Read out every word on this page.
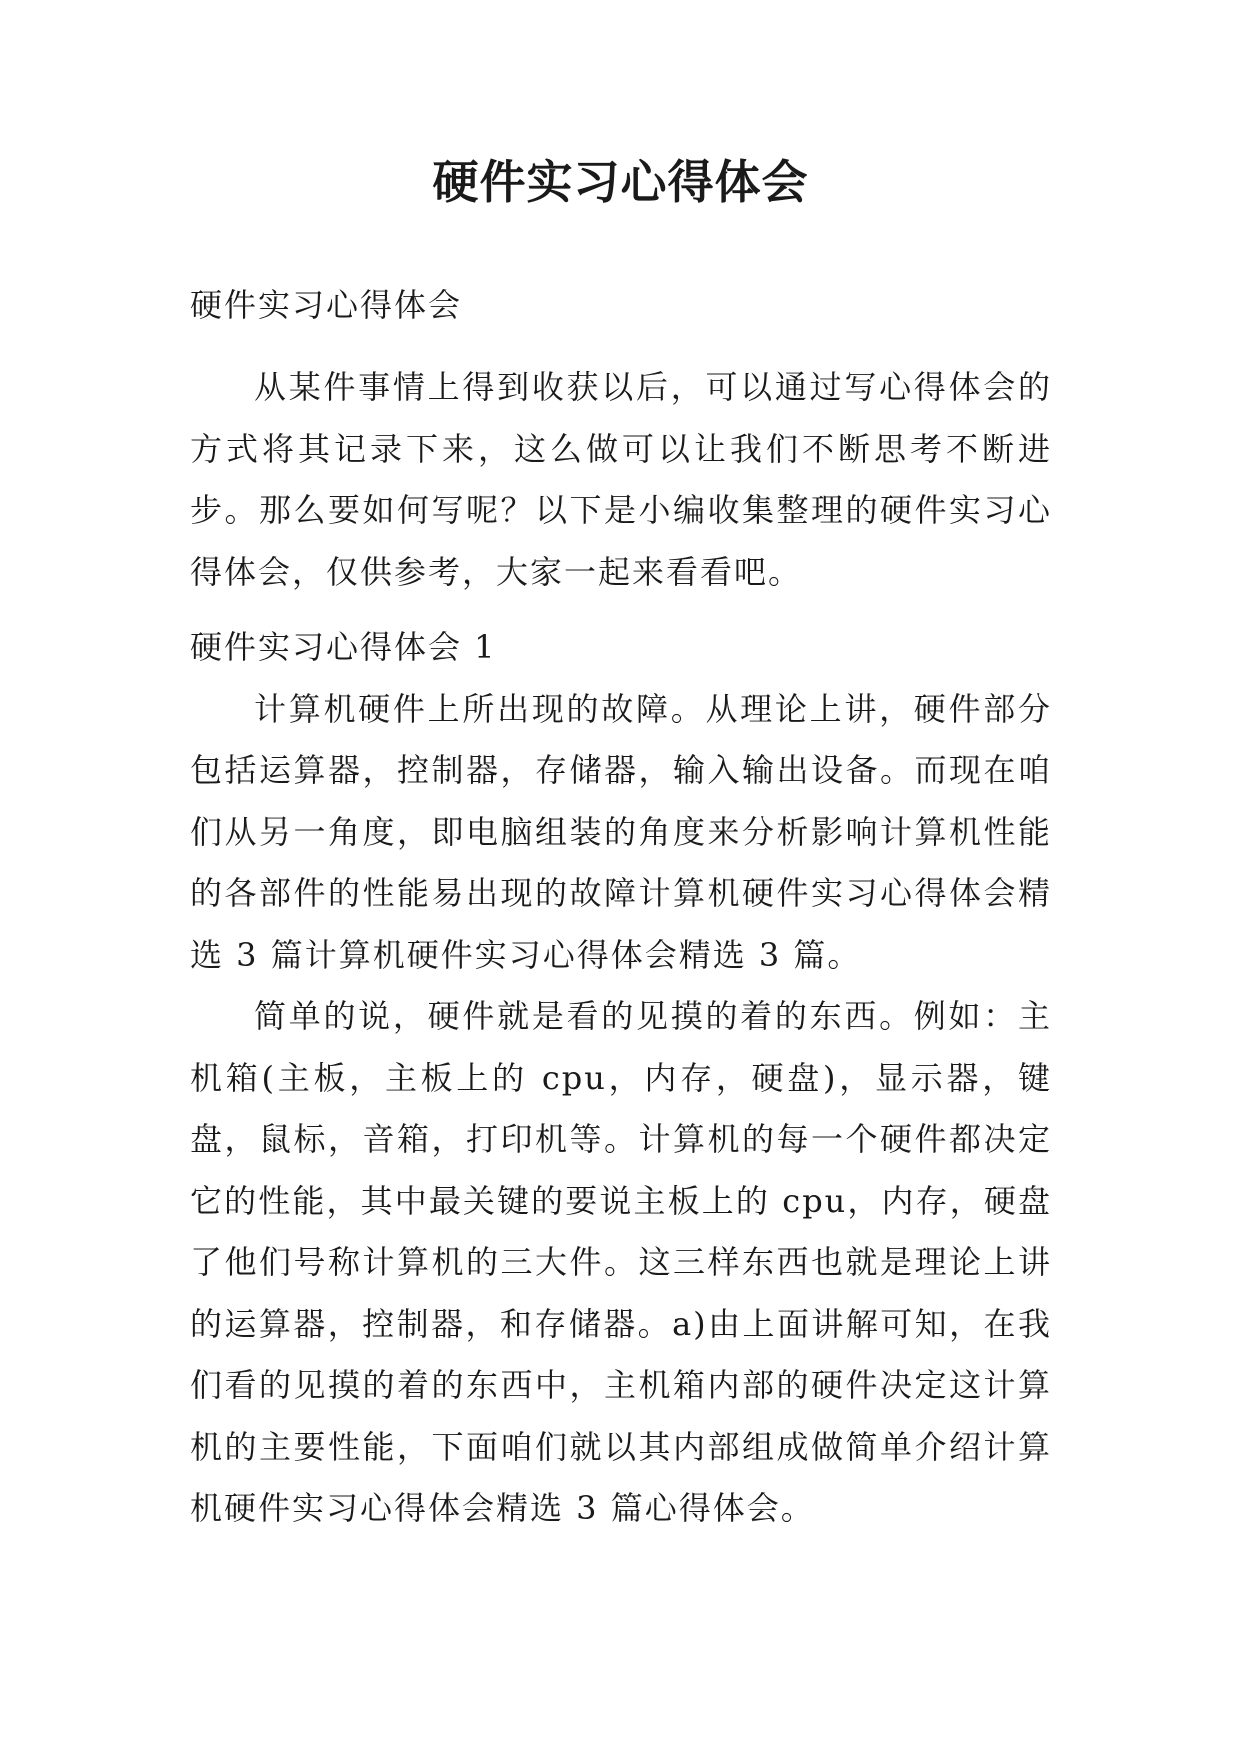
硬件实习心得体会

硬件实习心得体会

从某件事情上得到收获以后，可以通过写心得体会的方式将其记录下来，这么做可以让我们不断思考不断进步。那么要如何写呢？以下是小编收集整理的硬件实习心得体会，仅供参考，大家一起来看看吧。

硬件实习心得体会 1

计算机硬件上所出现的故障。从理论上讲，硬件部分包括运算器，控制器，存储器，输入输出设备。而现在咱们从另一角度，即电脑组装的角度来分析影响计算机性能的各部件的性能易出现的故障计算机硬件实习心得体会精选 3 篇计算机硬件实习心得体会精选 3 篇。

简单的说，硬件就是看的见摸的着的东西。例如：主机箱(主板，主板上的 cpu，内存，硬盘)，显示器，键盘，鼠标，音箱，打印机等。计算机的每一个硬件都决定它的性能，其中最关键的要说主板上的 cpu，内存，硬盘了他们号称计算机的三大件。这三样东西也就是理论上讲的运算器，控制器，和存储器。a)由上面讲解可知，在我们看的见摸的着的东西中，主机箱内部的硬件决定这计算机的主要性能，下面咱们就以其内部组成做简单介绍计算机硬件实习心得体会精选 3 篇心得体会。
